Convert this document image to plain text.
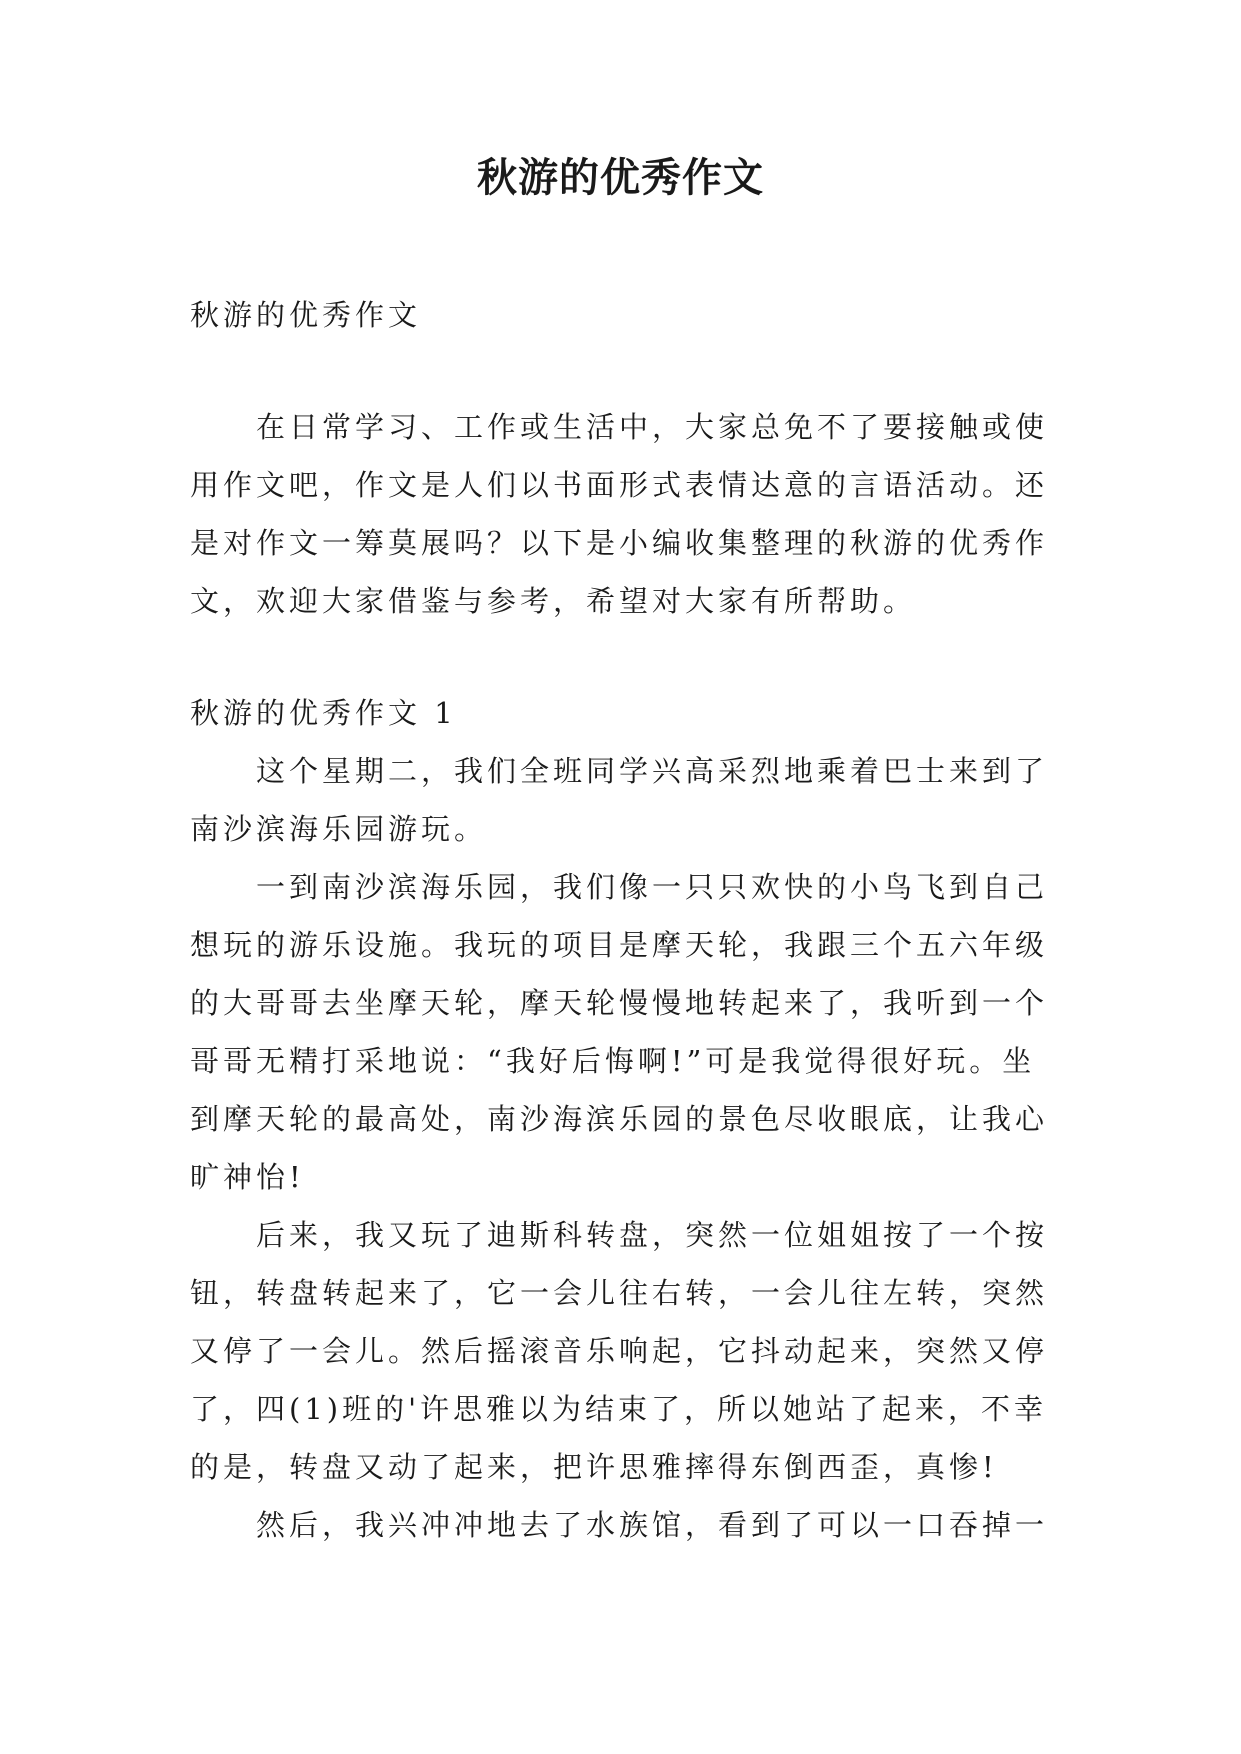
秋游的优秀作文

秋游的优秀作文

在日常学习、工作或生活中，大家总免不了要接触或使用作文吧，作文是人们以书面形式表情达意的言语活动。还是对作文一筹莫展吗？以下是小编收集整理的秋游的优秀作文，欢迎大家借鉴与参考，希望对大家有所帮助。

秋游的优秀作文 1

这个星期二，我们全班同学兴高采烈地乘着巴士来到了南沙滨海乐园游玩。

一到南沙滨海乐园，我们像一只只欢快的小鸟飞到自己想玩的游乐设施。我玩的项目是摩天轮，我跟三个五六年级的大哥哥去坐摩天轮，摩天轮慢慢地转起来了，我听到一个哥哥无精打采地说：“我好后悔啊!”可是我觉得很好玩。坐到摩天轮的最高处，南沙海滨乐园的景色尽收眼底，让我心旷神怡!

后来，我又玩了迪斯科转盘，突然一位姐姐按了一个按钮，转盘转起来了，它一会儿往右转，一会儿往左转，突然又停了一会儿。然后摇滚音乐响起，它抖动起来，突然又停了，四(1)班的'许思雅以为结束了，所以她站了起来，不幸的是，转盘又动了起来，把许思雅摔得东倒西歪，真惨!

然后，我兴冲冲地去了水族馆，看到了可以一口吞掉一
